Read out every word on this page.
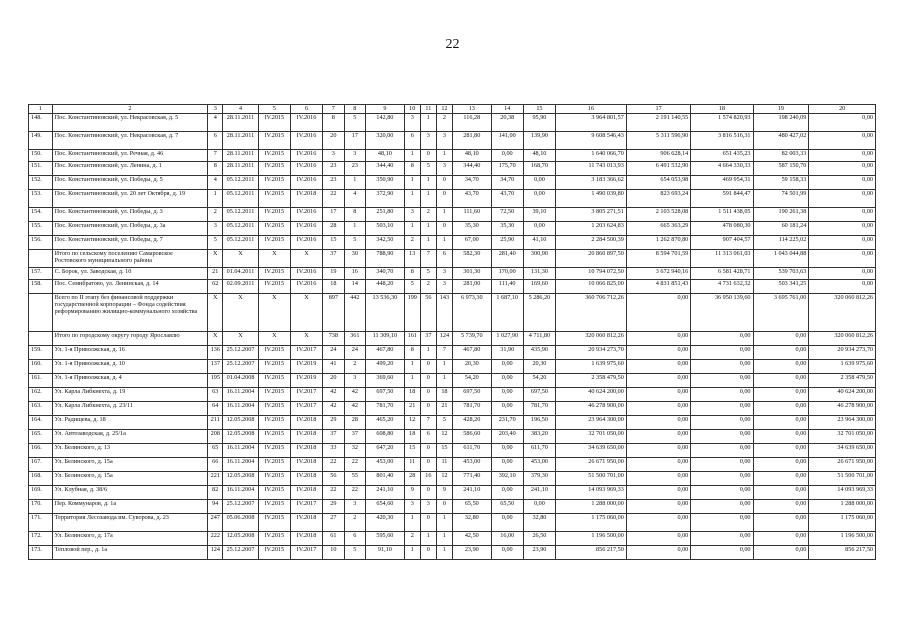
22
1	2	3	4	5	6	7	8	9	10	11	12	13	14	15	16	17	18	19	20
148.	Пос. Константиновский, ул. Некрасовская, д. 5	4	28.11.2011	IV.2015	IV.2016	8	5	142,80	3	1	2	116,28	20,38	95,90	3 964 801,57	2 191 140,55	1 574 820,93	198 240,09	0,00
149.	Пос. Константиновский, ул. Некрасовская, д. 7	6	28.11.2011	IV.2015	IV.2016	20	17	320,00	6	3	3	281,80	141,00	139,90	9 608 546,43	5 311 596,90	3 816 516,31	480 427,02	0,00
150.	Пос. Константиновский, ул. Речная, д. 46	7	28.11.2011	IV.2015	IV.2016	3	3	48,10	1	0	1	48,10	0,00	48,10	1 640 066,70	906 628,14	651 435,23	82 003,33	0,00
151.	Пос. Константиновский, ул. Ленина, д. 1	8	28.11.2011	IV.2015	IV.2016	23	23	344,40	8	5	3	344,40	175,70	168,70	11 743 013,93	6 491 532,90	4 664 330,33	587 150,70	0,00
152.	Пос. Константиновский, ул. Победы, д. 5	4	05.12.2011	IV.2015	IV.2016	23	1	350,90	1	1	0	34,70	34,70	0,00	3 183 366,62	654 053,98	469 954,31	59 158,33	0,00
153.	Пос. Константиновский, ул. 20 лет Октября, д. 19	1	05.12.2011	IV.2015	IV.2018	22	4	372,90	1	1	0	43,70	43,70	0,00	1 490 039,80	823 693,24	591 844,47	74 501,99	0,00
154.	Пос. Константиновский, ул. Победы, д. 3	2	05.12.2011	IV.2015	IV.2016	17	8	251,80	3	2	1	111,60	72,50	39,10	3 805 271,51	2 103 528,08	1 511 438,05	190 261,38	0,00
155.	Пос. Константиновский, ул. Победы, д. 3а	3	05.12.2011	IV.2015	IV.2016	28	1	503,10	1	1	0	35,30	35,30	0,00	1 203 624,83	665 363,29	478 080,30	60 181,24	0,00
156.	Пос. Константиновский, ул. Победы, д. 7	5	05.12.2011	IV.2015	IV.2016	15	5	342,50	2	1	1	67,00	25,90	41,10	2 284 500,39	1 262 870,80	907 404,57	114 225,02	0,00
	Итого по сельскому поселению Самаровское Ростовского муниципального района	X	X	X	X	37	30	788,90	13	7	6	582,30	281,40	300,90	20 860 897,50	8 594 701,59	11 313 061,03	1 043 044,88	0,00
157.	С. Борок, ул. Заводская, д. 10	21	01.04.2011	IV.2015	IV.2016	19	16	340,70	8	5	3	301,30	170,00	131,30	10 794 072,50	3 672 940,16	6 581 428,71	539 703,63	0,00
158.	Пос. Семибратово, ул. Ленинская, д. 14	62	02.09.2011	IV.2015	IV.2016	18	14	448,20	5	2	3	281,00	111,40	169,60	10 066 825,00	4 831 851,43	4 731 632,32	503 341,25	0,00
	Всего по II этапу без финансовой поддержки государственной корпорации – Фонда содействия реформированию жилищно-коммунального хозяйства	X	X	X	X	897	442	13 536,30	199	56	143	6 973,30	1 687,10	5 286,20	360 706 712,26	0,00	36 950 139,60	3 695 761,00	320 060 812,26
	Итого по городскому округу городу Ярославлю	X	X	X	X	738	361	11 309,10	161	37	124	5 739,70	1 027,90	4 711,80	320 060 812,26	0,00	0,00	0,00	320 060 812,26
159.	Ул. 1-я Приволжская, д. 16	136	25.12.2007	IV.2015	IV.2017	24	24	467,80	8	1	7	467,80	31,90	435,90	20 934 273,70	0,00	0,00	0,00	20 934 273,70
160.	Ул. 1-я Приволжская, д. 10	137	25.12.2007	IV.2015	IV.2019	41	2	499,20	1	0	1	20,30	0,00	20,30	1 639 975,60	0,00	0,00	0,00	1 639 975,60
161.	Ул. 1-я Приволжская, д. 4	195	01.04.2008	IV.2015	IV.2019	20	3	369,60	1	0	1	54,20	0,00	54,20	2 358 479,50	0,00	0,00	0,00	2 358 479,50
162.	Ул. Карла Либкнехта, д. 19	63	16.11.2004	IV.2015	IV.2017	42	42	697,50	18	0	18	697,50	0,00	697,50	40 624 200,00	0,00	0,00	0,00	40 624 200,00
163.	Ул. Карла Либкнехта, д. 23/11	64	16.11.2004	IV.2015	IV.2017	42	42	781,70	21	0	21	781,70	0,00	781,70	46 278 900,00	0,00	0,00	0,00	46 278 900,00
164.	Ул. Радищева, д. 18	211	12.05.2008	IV.2015	IV.2018	29	28	465,20	12	7	5	428,20	231,70	196,50	23 964 300,00	0,00	0,00	0,00	23 964 300,00
165.	Ул. Автозаводская, д. 25/1а	208	12.05.2008	IV.2015	IV.2018	37	37	608,80	18	6	12	586,60	203,40	383,20	32 701 050,00	0,00	0,00	0,00	32 701 050,00
166.	Ул. Белинского, д. 13	65	16.11.2004	IV.2015	IV.2018	33	32	647,20	15	0	15	611,70	0,00	611,70	34 639 650,00	0,00	0,00	0,00	34 639 650,00
167.	Ул. Белинского, д. 15а	66	16.11.2004	IV.2015	IV.2018	22	22	453,00	11	0	11	453,00	0,00	453,00	26 671 950,00	0,00	0,00	0,00	26 671 950,00
168.	Ул. Белинского, д. 15а	221	12.05.2008	IV.2015	IV.2018	56	55	801,40	28	16	12	771,40	392,10	379,30	51 500 701,00	0,00	0,00	0,00	51 500 701,00
169.	Ул. Клубная, д. 38/6	82	16.11.2004	IV.2015	IV.2018	22	22	241,10	9	0	9	241,10	0,00	241,10	14 093 969,33	0,00	0,00	0,00	14 093 969,33
170.	Пер. Коммунаров, д. 1а	94	25.12.2007	IV.2015	IV.2017	29	3	654,60	3	3	0	65,50	65,50	0,00	1 288 000,00	0,00	0,00	0,00	1 288 000,00
171.	Территория Лесозавода им. Суворова, д. 23	247	05.06.2008	IV.2015	IV.2018	27	2	420,30	1	0	1	32,80	0,00	32,80	1 175 060,00	0,00	0,00	0,00	1 175 060,00
172.	Ул. Белинского, д. 17а	222	12.05.2008	IV.2015	IV.2018	61	6	595,60	2	1	1	42,50	16,00	26,50	1 196 500,00	0,00	0,00	0,00	1 196 500,00
173.	Тепловой пер., д. 1а	124	25.12.2007	IV.2015	IV.2017	10	5	91,10	1	0	1	23,90	0,00	23,90	856 217,50	0,00	0,00	0,00	856 217,50
